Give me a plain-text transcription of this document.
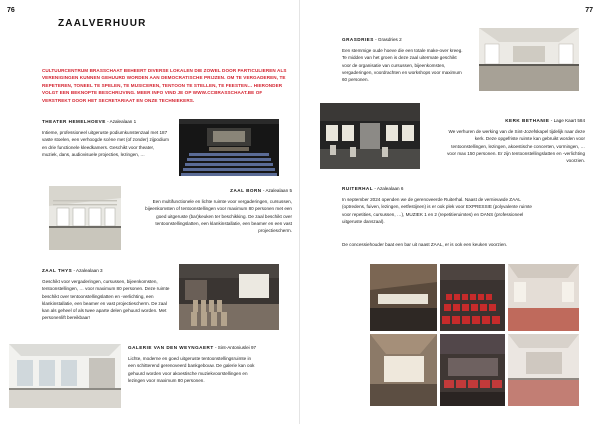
76
ZAALVERHUUR
CULTUURCENTRUM BRASSCHAAT BEHEERT DIVERSE LOKALEN DIE ZOWEL DOOR PARTICULIEREN ALS VERENIGINGEN KUNNEN GEHUURD WORDEN AAN DEMOCRATISCHE PRIJZEN. OM TE VERGADEREN, TE REPETEREN, TONEEL TE SPELEN, TE MUSICEREN, TENTOON TE STELLEN, TE FEESTEN… HIERONDER VOLGT EEN BEKNOPTE BESCHRIJVING. MEER INFO VIND JE OP WWW.CCBRASSCHAAT.BE OF VERSTREKT DOOR HET SECRETARIAAT EN ONZE TECHNIEKERS.
THEATER HEMELHOEVE - Azalealaan 1
Intieme, professioneel uitgeruste podiumkunstenzaal met 187 vaste stoelen, een verhoogde scène met (of zonder) zijpodium en drie functionele kleedkamers. Geschikt voor theater, muziek, dans, audiovisuele projecties, lezingen, …
ZAAL BORN - Azalealaan 5
Een multifunctionele en lichte ruimte voor vergaderingen, cursussen, bijeenkomsten of tentoonstellingen voor maximum 80 personen met een goed uitgeruste (bar)keuken ter beschikking. De zaal beschikt over tentoonstellingslatten, een klankinstallatie, een beamer en een vast projectiescherm.
ZAAL THYS - Azalealaan 3
Geschikt voor vergaderingen, cursussen, bijeenkomsten, tentoonstellingen, … voor maximum 80 personen. Deze ruimte beschikt over tentoonstellingslatten en -verlichting, een klankinstallatie, een beamer en vast projectiescherm. De zaal kan als geheel of als twee aparte delen gehuurd worden. Met personenlift bereikbaar!
GALERIE VAN DEN WEYNGAERT - Sint-Antoniuslei 97
Lichte, moderne en goed uitgeruste tentoonstellingsruimte in een schitterend gerenoveerd bankgebouw. De galerie kan ook gehuurd worden voor akoestische muziekvoorstellingen en lezingen voor maximum 80 personen.
77
GRASDRIES - Grasdries 2
Een stemmige oude hoeve die een totale make-over kreeg. Te midden van het groen is deze zaal uitermate geschikt voor de organisatie van cursussen, bijeenkomsten, vergaderingen, voordrachten en workshops voor maximum 60 personen.
KERK BETHANIE - Lage Kaart 584
We verhuren de werking van de Sint-Jozefskapel tijdelijk naar deze kerk. Deze opgefriste ruimte kan gebruikt worden voor tentoonstellingen, lezingen, akoestische concerten, vormingen, … voor max 150 personen. Er zijn tentoonstellingslatten en -verlichting voorzien.
RUITERHAL - Azalealaan 6
In september 2024 openden we de gerenoveerde Ruiterhal. Naast de vernieuwde ZAAL (optredens, fuiven, lezingen, eetfestijnen) is er ook plek voor EXPRESSIE (polyvalente ruimte voor repetities, cursussen, …), MUZIEK 1 en 2 (repetitieruimtes) en DANS (professioneel uitgeruste danszaal).
De concessiehouder baat een bar uit naast ZAAL, er is ook een keuken voorzien.
